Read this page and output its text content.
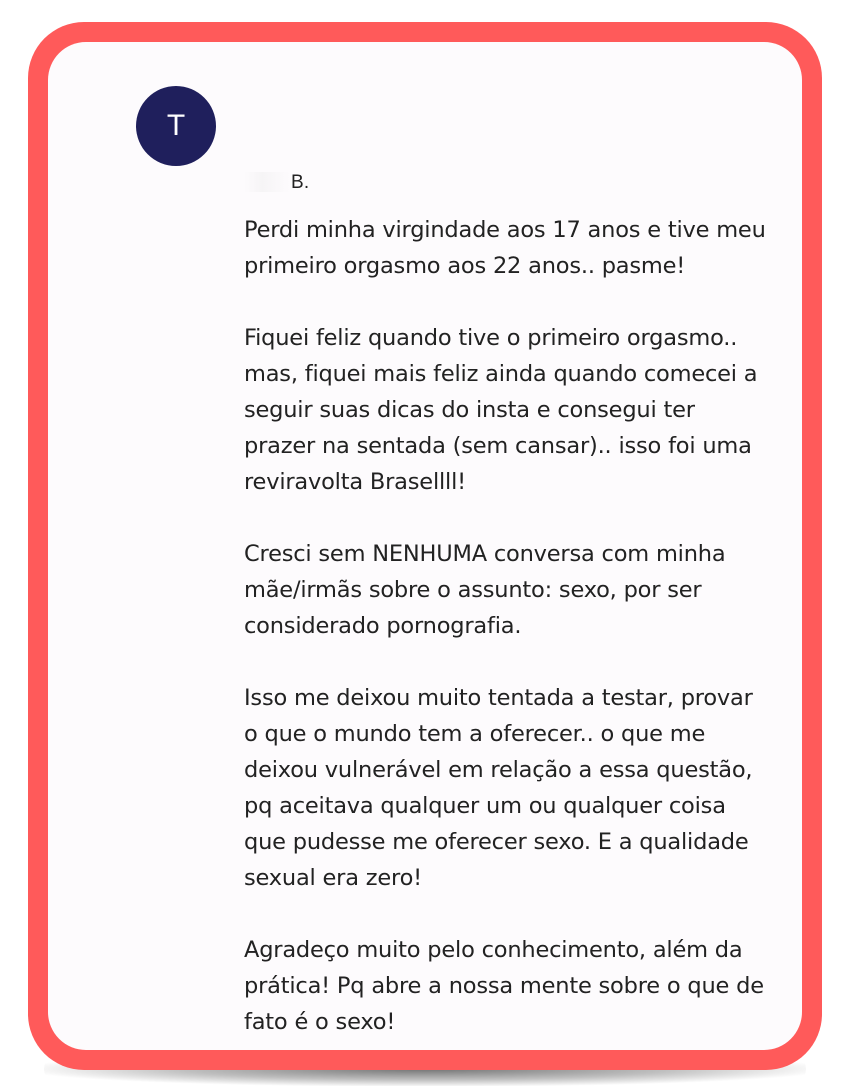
T
B.

Perdi minha virgindade aos 17 anos e tive meu
primeiro orgasmo aos 22 anos.. pasme!

Fiquei feliz quando tive o primeiro orgasmo..
mas, fiquei mais feliz ainda quando comecei a
seguir suas dicas do insta e consegui ter
prazer na sentada (sem cansar).. isso foi uma
reviravolta Brasellll!

Cresci sem NENHUMA conversa com minha
mãe/irmãs sobre o assunto: sexo, por ser
considerado pornografia.

Isso me deixou muito tentada a testar, provar
o que o mundo tem a oferecer.. o que me
deixou vulnerável em relação a essa questão,
pq aceitava qualquer um ou qualquer coisa
que pudesse me oferecer sexo. E a qualidade
sexual era zero!

Agradeço muito pelo conhecimento, além da
prática! Pq abre a nossa mente sobre o que de
fato é o sexo!
